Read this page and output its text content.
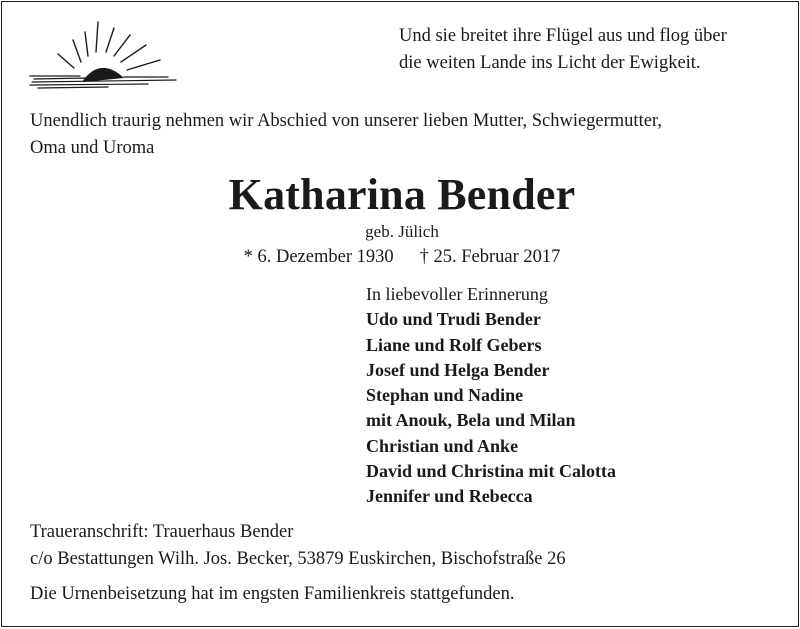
Und sie breitet ihre Flügel aus und flog über
die weiten Lande ins Licht der Ewigkeit.
Unendlich traurig nehmen wir Abschied von unserer lieben Mutter, Schwiegermutter,
Oma und Uroma
Katharina Bender
geb. Jülich
* 6. Dezember 1930 † 25. Februar 2017
In liebevoller Erinnerung
Udo und Trudi Bender
Liane und Rolf Gebers
Josef und Helga Bender
Stephan und Nadine
mit Anouk, Bela und Milan
Christian und Anke
David und Christina mit Calotta
Jennifer und Rebecca
Traueranschrift: Trauerhaus Bender
c/o Bestattungen Wilh. Jos. Becker, 53879 Euskirchen, Bischofstraße 26
Die Urnenbeisetzung hat im engsten Familienkreis stattgefunden.
